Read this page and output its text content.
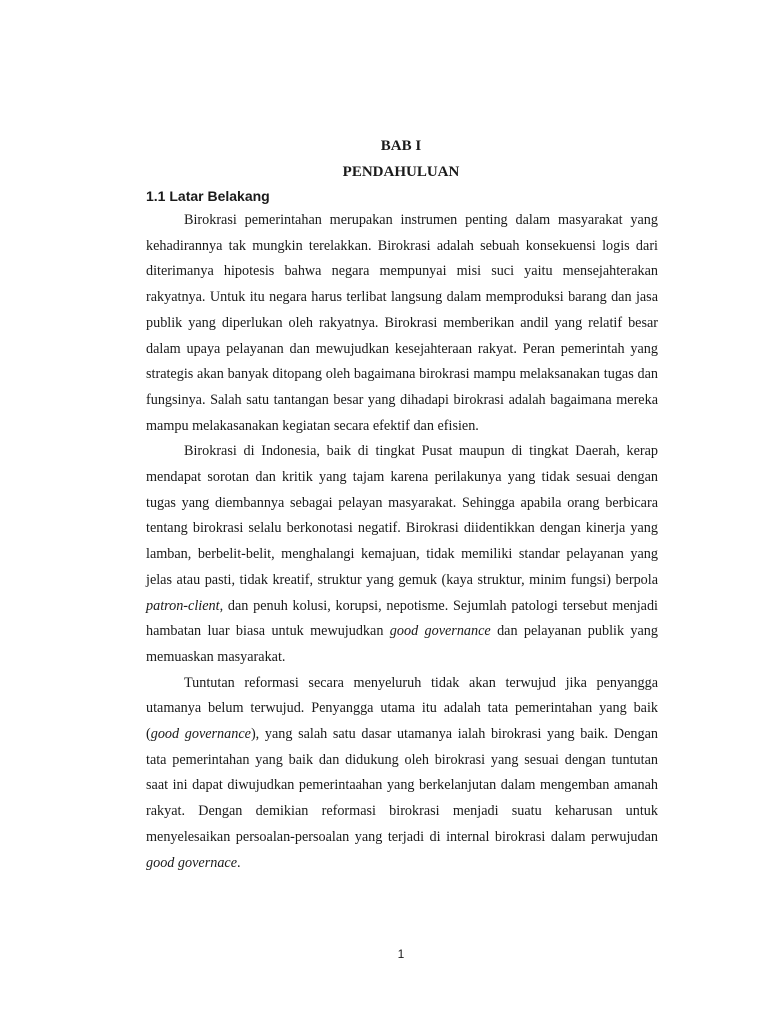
BAB I

PENDAHULUAN

1.1 Latar Belakang

Birokrasi pemerintahan merupakan instrumen penting dalam masyarakat yang kehadirannya tak mungkin terelakkan. Birokrasi adalah sebuah konsekuensi logis dari diterimanya hipotesis bahwa negara mempunyai misi suci yaitu mensejahterakan rakyatnya. Untuk itu negara harus terlibat langsung dalam memproduksi barang dan jasa publik yang diperlukan oleh rakyatnya. Birokrasi memberikan andil yang relatif besar dalam upaya pelayanan dan mewujudkan kesejahteraan rakyat. Peran pemerintah yang strategis akan banyak ditopang oleh bagaimana birokrasi mampu melaksanakan tugas dan fungsinya. Salah satu tantangan besar yang dihadapi birokrasi adalah bagaimana mereka mampu melakasanakan kegiatan secara efektif dan efisien.

Birokrasi di Indonesia, baik di tingkat Pusat maupun di tingkat Daerah, kerap mendapat sorotan dan kritik yang tajam karena perilakunya yang tidak sesuai dengan tugas yang diembannya sebagai pelayan masyarakat. Sehingga apabila orang berbicara tentang birokrasi selalu berkonotasi negatif. Birokrasi diidentikkan dengan kinerja yang lamban, berbelit-belit, menghalangi kemajuan, tidak memiliki standar pelayanan yang jelas atau pasti, tidak kreatif, struktur yang gemuk (kaya struktur, minim fungsi) berpola patron-client, dan penuh kolusi, korupsi, nepotisme. Sejumlah patologi tersebut menjadi hambatan luar biasa untuk mewujudkan good governance dan pelayanan publik yang memuaskan masyarakat.

Tuntutan reformasi secara menyeluruh tidak akan terwujud jika penyangga utamanya belum terwujud. Penyangga utama itu adalah tata pemerintahan yang baik (good governance), yang salah satu dasar utamanya ialah birokrasi yang baik. Dengan tata pemerintahan yang baik dan didukung oleh birokrasi yang sesuai dengan tuntutan saat ini dapat diwujudkan pemerintaahan yang berkelanjutan dalam mengemban amanah rakyat. Dengan demikian reformasi birokrasi menjadi suatu keharusan untuk menyelesaikan persoalan-persoalan yang terjadi di internal birokrasi dalam perwujudan good governace.

1
